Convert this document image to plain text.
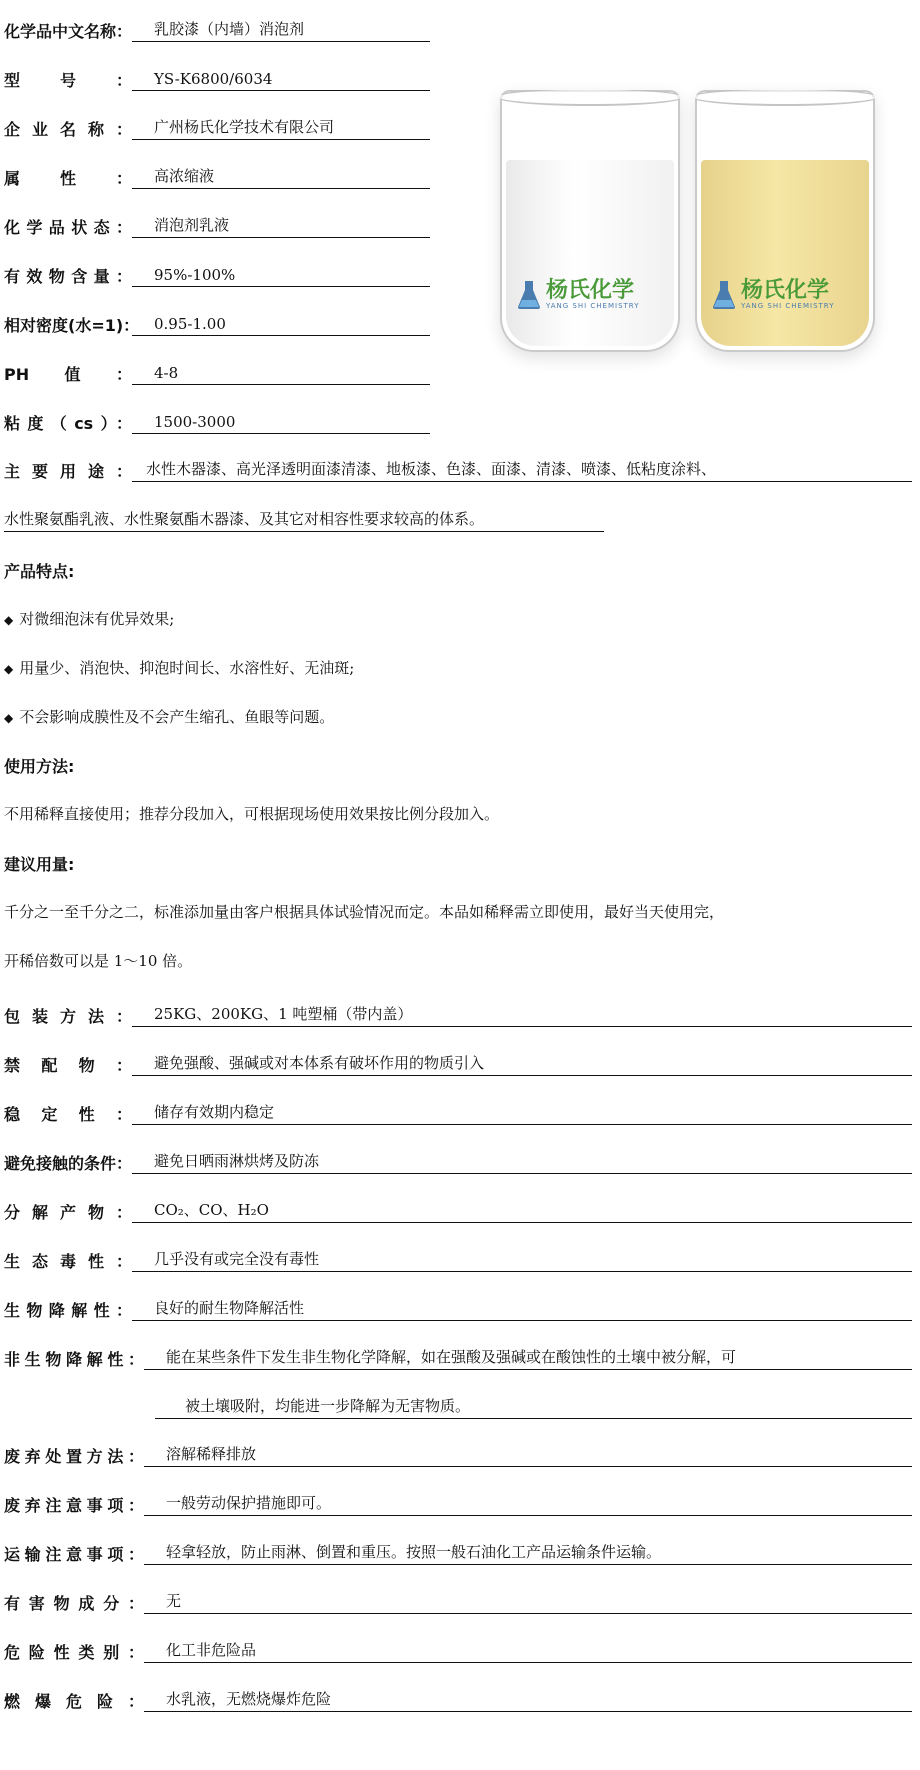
化学品中文名称：	乳胶漆（内墙）消泡剂
型号：	YS-K6800/6034
企业名称：	广州杨氏化学技术有限公司
属性：	高浓缩液
化学品状态：	消泡剂乳液
有效物含量：	95%-100%
相对密度(水=1)： 0.95-1.00
PH值：	4-8
粘度（cs）：	1500-3000
杨氏化学
YANG SHI CHEMISTRY
杨氏化学
YANG SHI CHEMISTRY
主要用途： 水性木器漆、高光泽透明面漆清漆、地板漆、色漆、面漆、清漆、喷漆、低粘度涂料、
水性聚氨酯乳液、水性聚氨酯木器漆、及其它对相容性要求较高的体系。
产品特点:
◆ 对微细泡沫有优异效果;
◆ 用量少、消泡快、抑泡时间长、水溶性好、无油斑;
◆ 不会影响成膜性及不会产生缩孔、鱼眼等问题。
使用方法:
不用稀释直接使用；推荐分段加入，可根据现场使用效果按比例分段加入。
建议用量:
千分之一至千分之二，标准添加量由客户根据具体试验情况而定。本品如稀释需立即使用，最好当天使用完，
开稀倍数可以是 1～10 倍。
包装方法：	25KG、200KG、1 吨塑桶（带内盖）
禁配物：	避免强酸、强碱或对本体系有破坏作用的物质引入
稳定性：	储存有效期内稳定
避免接触的条件：	避免日晒雨淋烘烤及防冻
分解产物：	CO₂、CO、H₂O
生态毒性：	几乎没有或完全没有毒性
生物降解性：	良好的耐生物降解活性
非生物降解性：	能在某些条件下发生非生物化学降解，如在强酸及强碱或在酸蚀性的土壤中被分解，可
被土壤吸附，均能进一步降解为无害物质。
废弃处置方法：	溶解稀释排放
废弃注意事项：	一般劳动保护措施即可。
运输注意事项：	轻拿轻放，防止雨淋、倒置和重压。按照一般石油化工产品运输条件运输。
有害物成分：	无
危险性类别：	化工非危险品
燃爆危险：	水乳液，无燃烧爆炸危险
